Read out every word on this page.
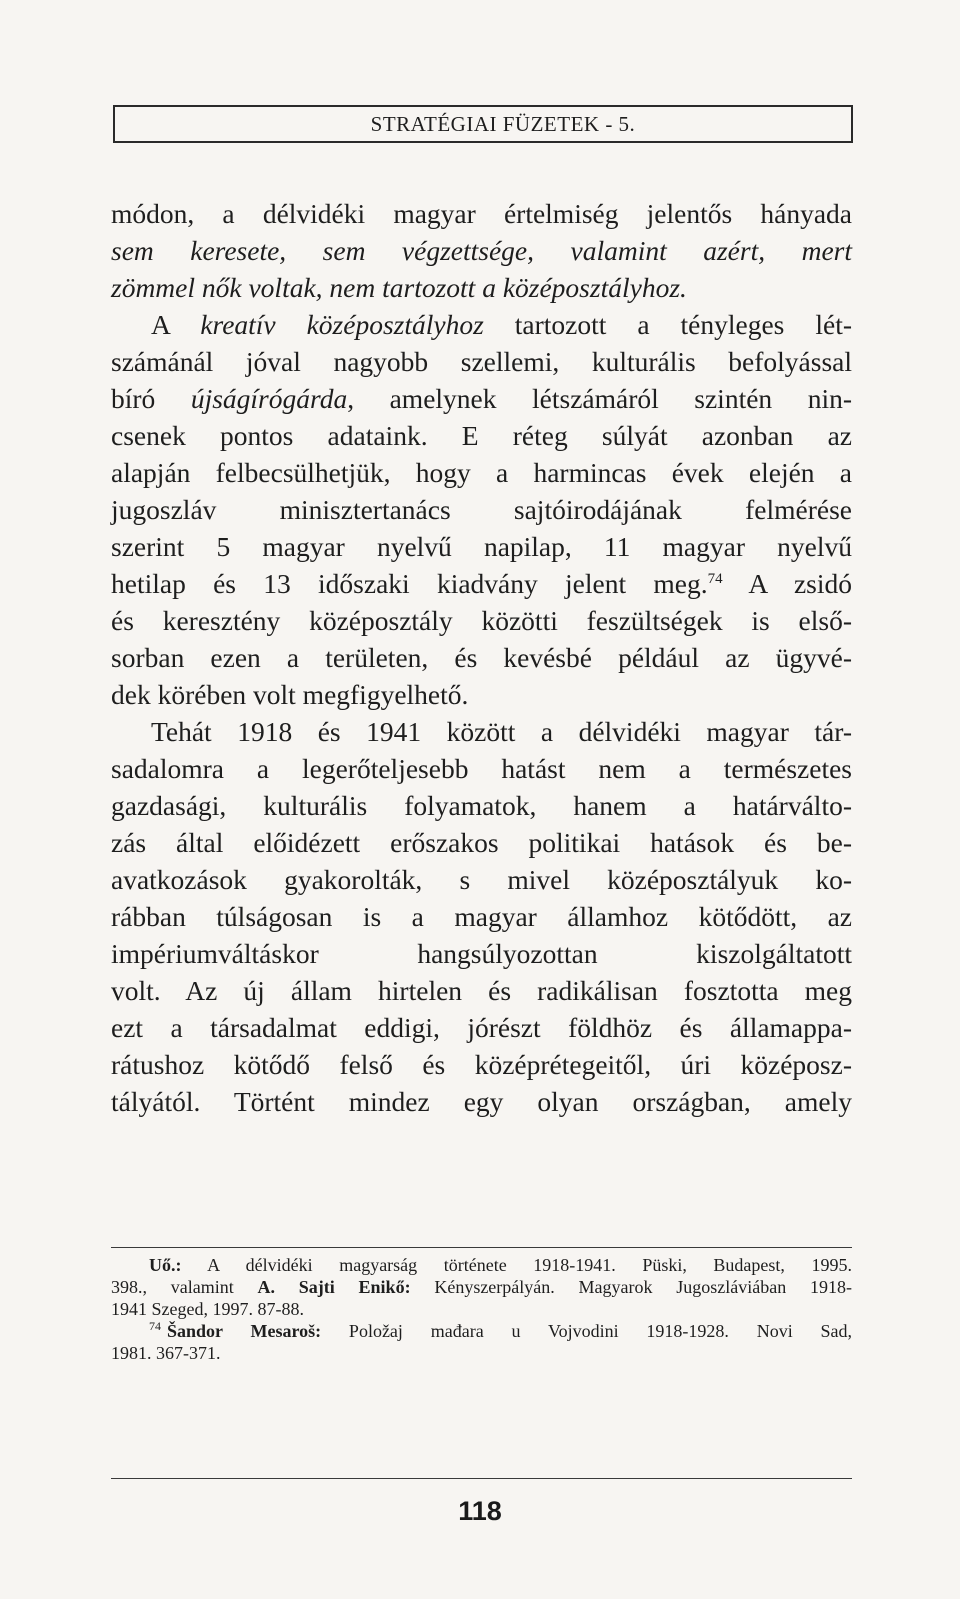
STRATÉGIAI FÜZETEK - 5.
módon, a délvidéki magyar értelmiség jelentős hányada
sem keresete, sem végzettsége, valamint azért, mert
zömmel nők voltak, nem tartozott a középosztályhoz.
A kreatív középosztályhoz tartozott a tényleges lét-
számánál jóval nagyobb szellemi, kulturális befolyással
bíró újságírógárda, amelynek létszámáról szintén nin-
csenek pontos adataink. E réteg súlyát azonban az
alapján felbecsülhetjük, hogy a harmincas évek elején a
jugoszláv minisztertanács sajtóirodájának felmérése
szerint 5 magyar nyelvű napilap, 11 magyar nyelvű
hetilap és 13 időszaki kiadvány jelent meg.$^{74}$ A zsidó
és keresztény középosztály közötti feszültségek is első-
sorban ezen a területen, és kevésbé például az ügyvé-
dek körében volt megfigyelhető.
Tehát 1918 és 1941 között a délvidéki magyar tár-
sadalomra a legerőteljesebb hatást nem a természetes
gazdasági, kulturális folyamatok, hanem a határválto-
zás által előidézett erőszakos politikai hatások és be-
avatkozások gyakorolták, s mivel középosztályuk ko-
rábban túlságosan is a magyar államhoz kötődött, az
impériumváltáskor hangsúlyozottan kiszolgáltatott
volt. Az új állam hirtelen és radikálisan fosztotta meg
ezt a társadalmat eddigi, jórészt földhöz és államappa-
rátushoz kötődő felső és középrétegeitől, úri középosz-
tályától. Történt mindez egy olyan országban, amely
Uő.: A délvidéki magyarság története 1918-1941. Püski, Budapest, 1995.
398., valamint A. Sajti Enikő: Kényszerpályán. Magyarok Jugoszláviában 1918-
1941 Szeged, 1997. 87-88.
$^{74}$ Šandor Mesaroš: Položaj mađara u Vojvodini 1918-1928. Novi Sad,
1981. 367-371.
118
